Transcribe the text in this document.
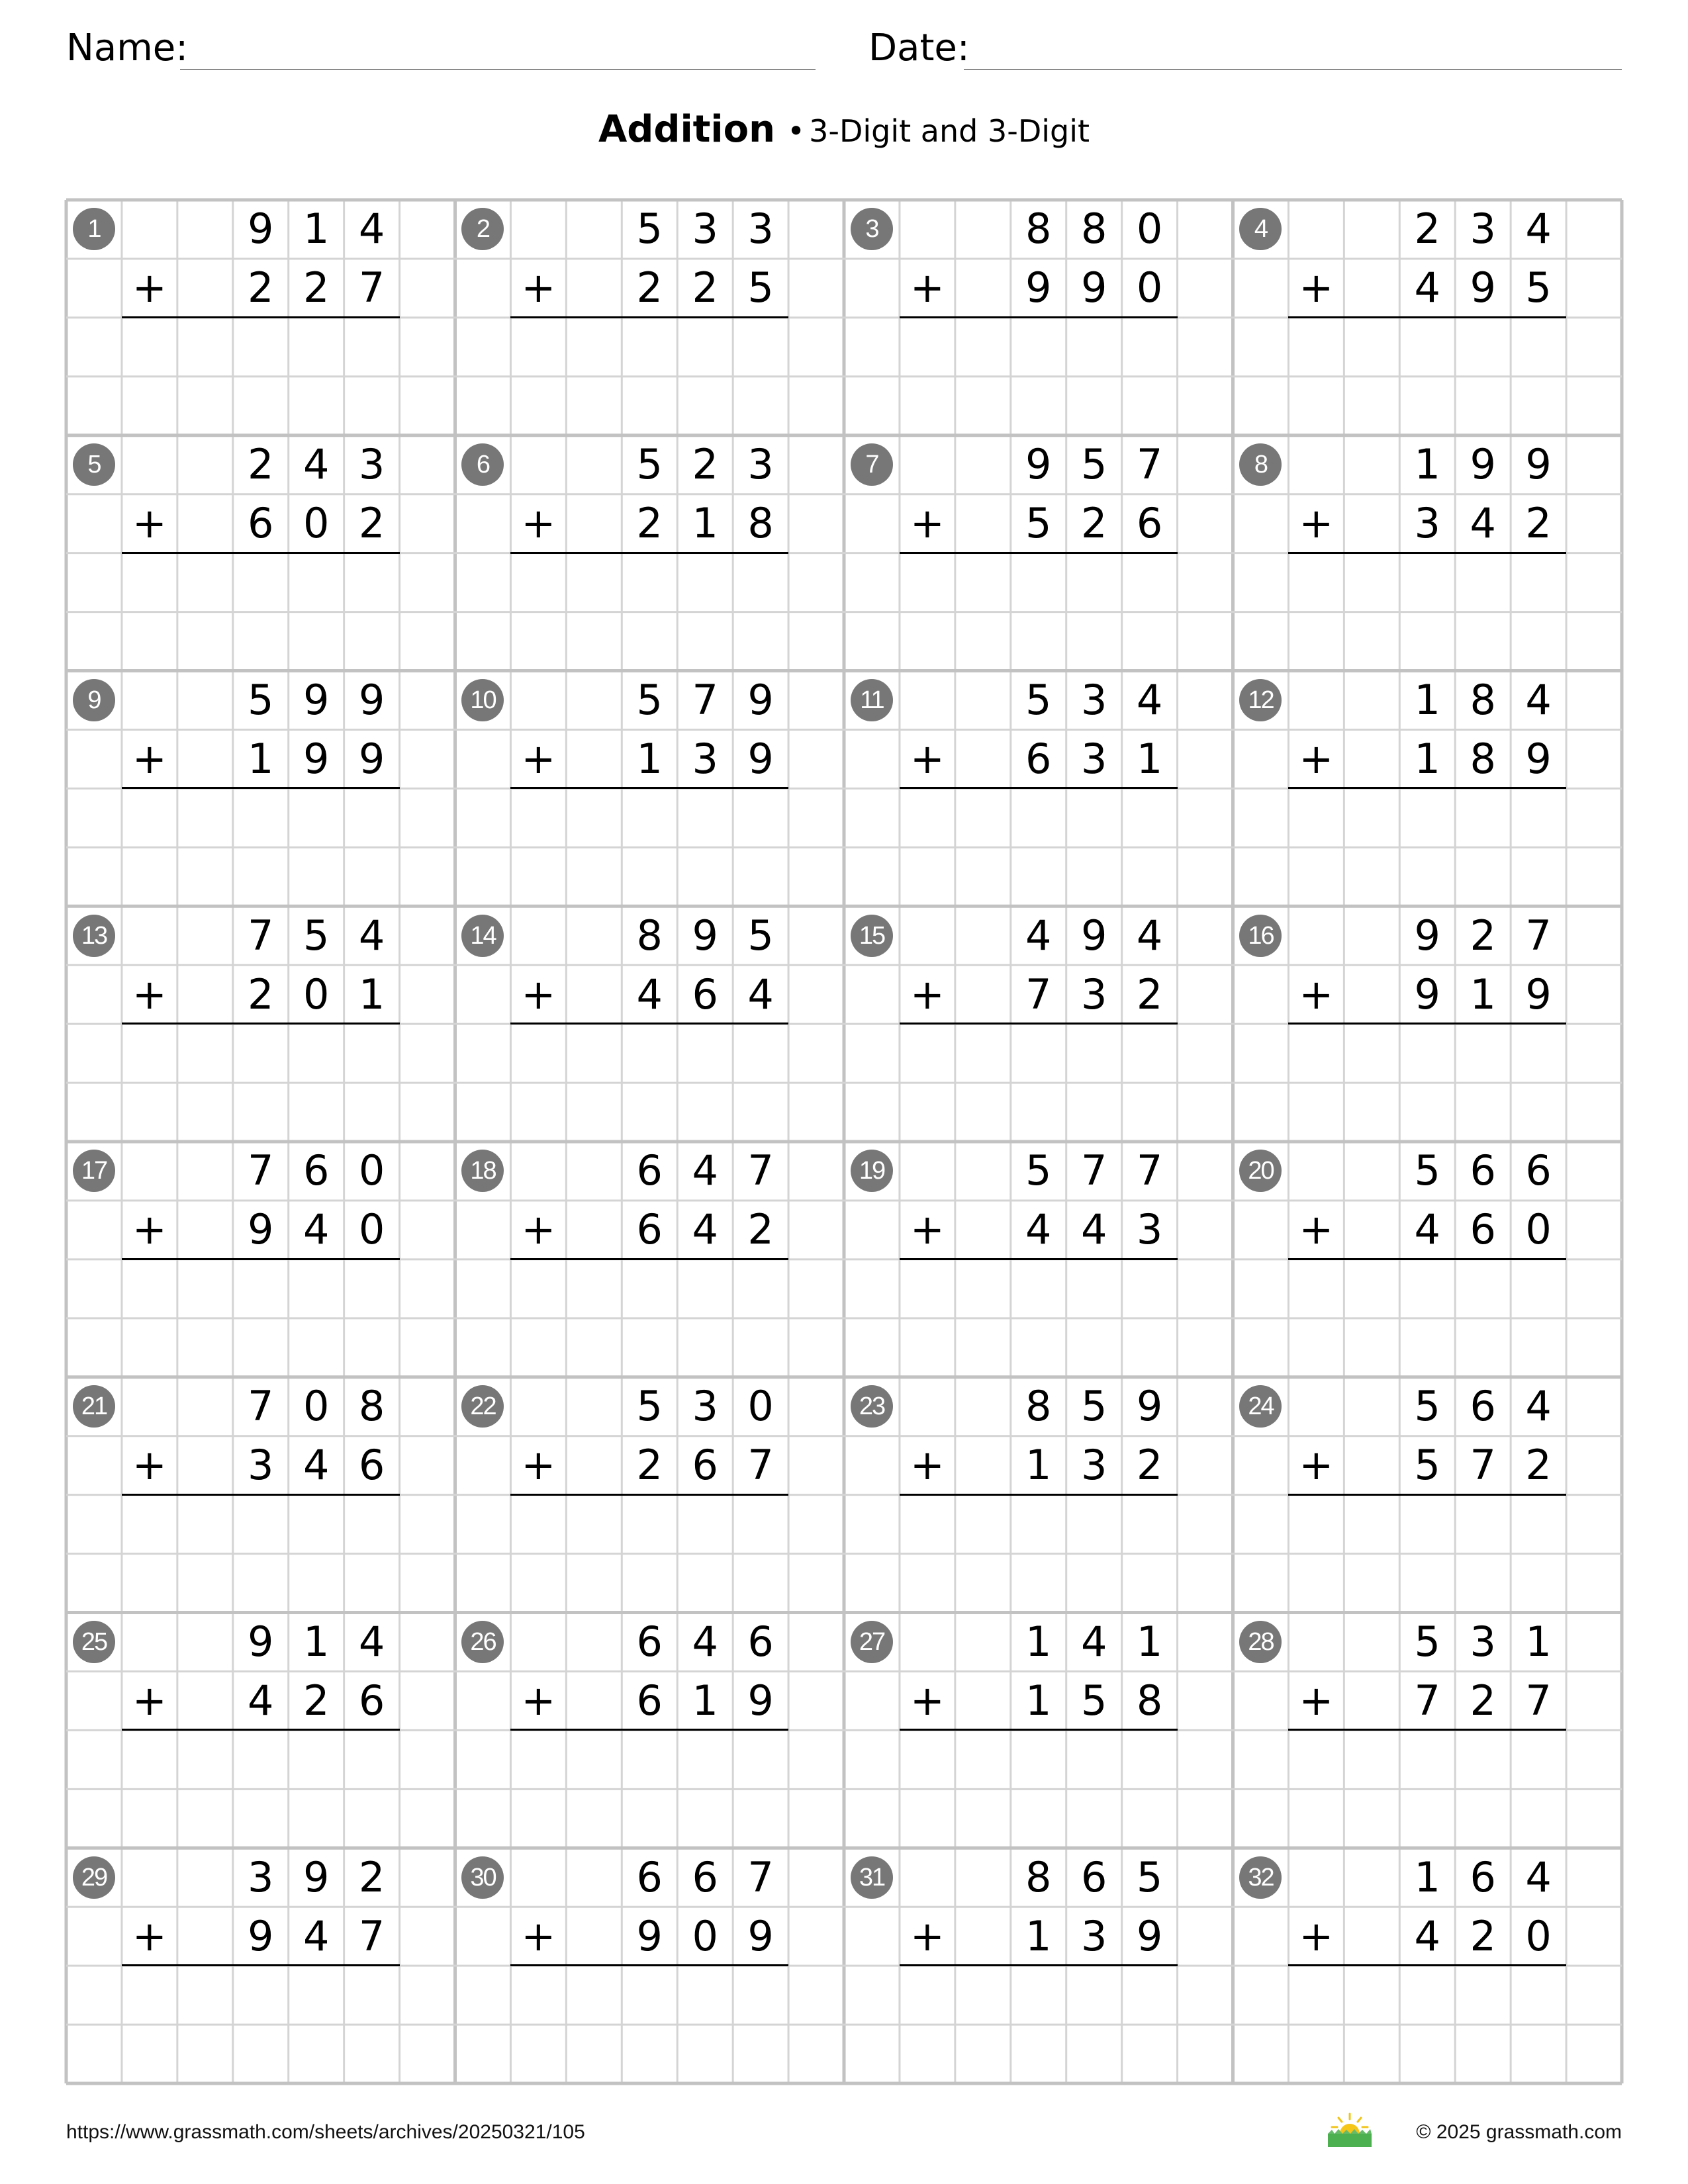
Name:	Date:
Addition • 3-Digit and 3-Digit
1	9 1 4
+	2 2 7
2	5 3 3
+	2 2 5
3	8 8 0
+	9 9 0
4	2 3 4
+	4 9 5
5	2 4 3
+	6 0 2
6	5 2 3
+	2 1 8
7	9 5 7
+	5 2 6
8	1 9 9
+	3 4 2
9	5 9 9
+	1 9 9
10	5 7 9
+	1 3 9
11	5 3 4
+	6 3 1
12	1 8 4
+	1 8 9
13	7 5 4
+	2 0 1
14	8 9 5
+	4 6 4
15	4 9 4
+	7 3 2
16	9 2 7
+	9 1 9
17	7 6 0
+	9 4 0
18	6 4 7
+	6 4 2
19	5 7 7
+	4 4 3
20	5 6 6
+	4 6 0
21	7 0 8
+	3 4 6
22	5 3 0
+	2 6 7
23	8 5 9
+	1 3 2
24	5 6 4
+	5 7 2
25	9 1 4
+	4 2 6
26	6 4 6
+	6 1 9
27	1 4 1
+	1 5 8
28	5 3 1
+	7 2 7
29	3 9 2
+	9 4 7
30	6 6 7
+	9 0 9
31	8 6 5
+	1 3 9
32	1 6 4
+	4 2 0
https://www.grassmath.com/sheets/archives/20250321/105	© 2025 grassmath.com
